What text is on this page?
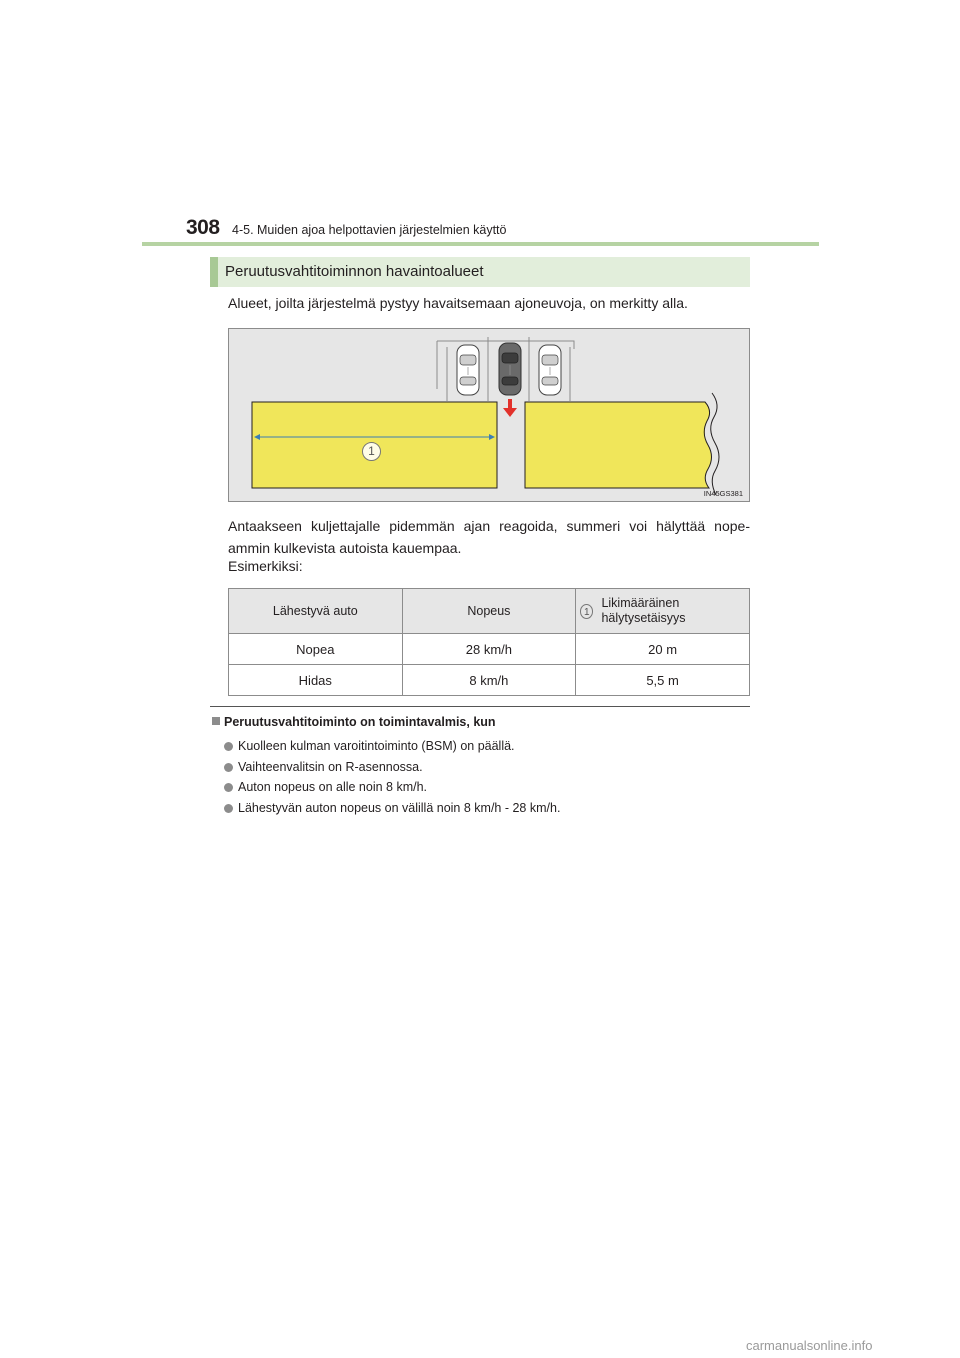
308 4-5. Muiden ajoa helpottavien järjestelmien käyttö
Peruutusvahtitoiminnon havaintoalueet
Alueet, joilta järjestelmä pystyy havaitsemaan ajoneuvoja, on merkitty alla.
1
IN45GS381
Antaakseen kuljettajalle pidemmän ajan reagoida, summeri voi hälyttää nope-ammin kulkevista autoista kauempaa.
Esimerkiksi:
Lähestyvä auto	Nopeus	1
Likimääräinen hälytysetäisyys

Nopea	28 km/h	20 m
Hidas	8 km/h	5,5 m
Peruutusvahtitoiminto on toimintavalmis, kun
Kuolleen kulman varoitintoiminto (BSM) on päällä.
Vaihteenvalitsin on R-asennossa.
Auton nopeus on alle noin 8 km/h.
Lähestyvän auton nopeus on välillä noin 8 km/h - 28 km/h.
carmanualsonline.info
